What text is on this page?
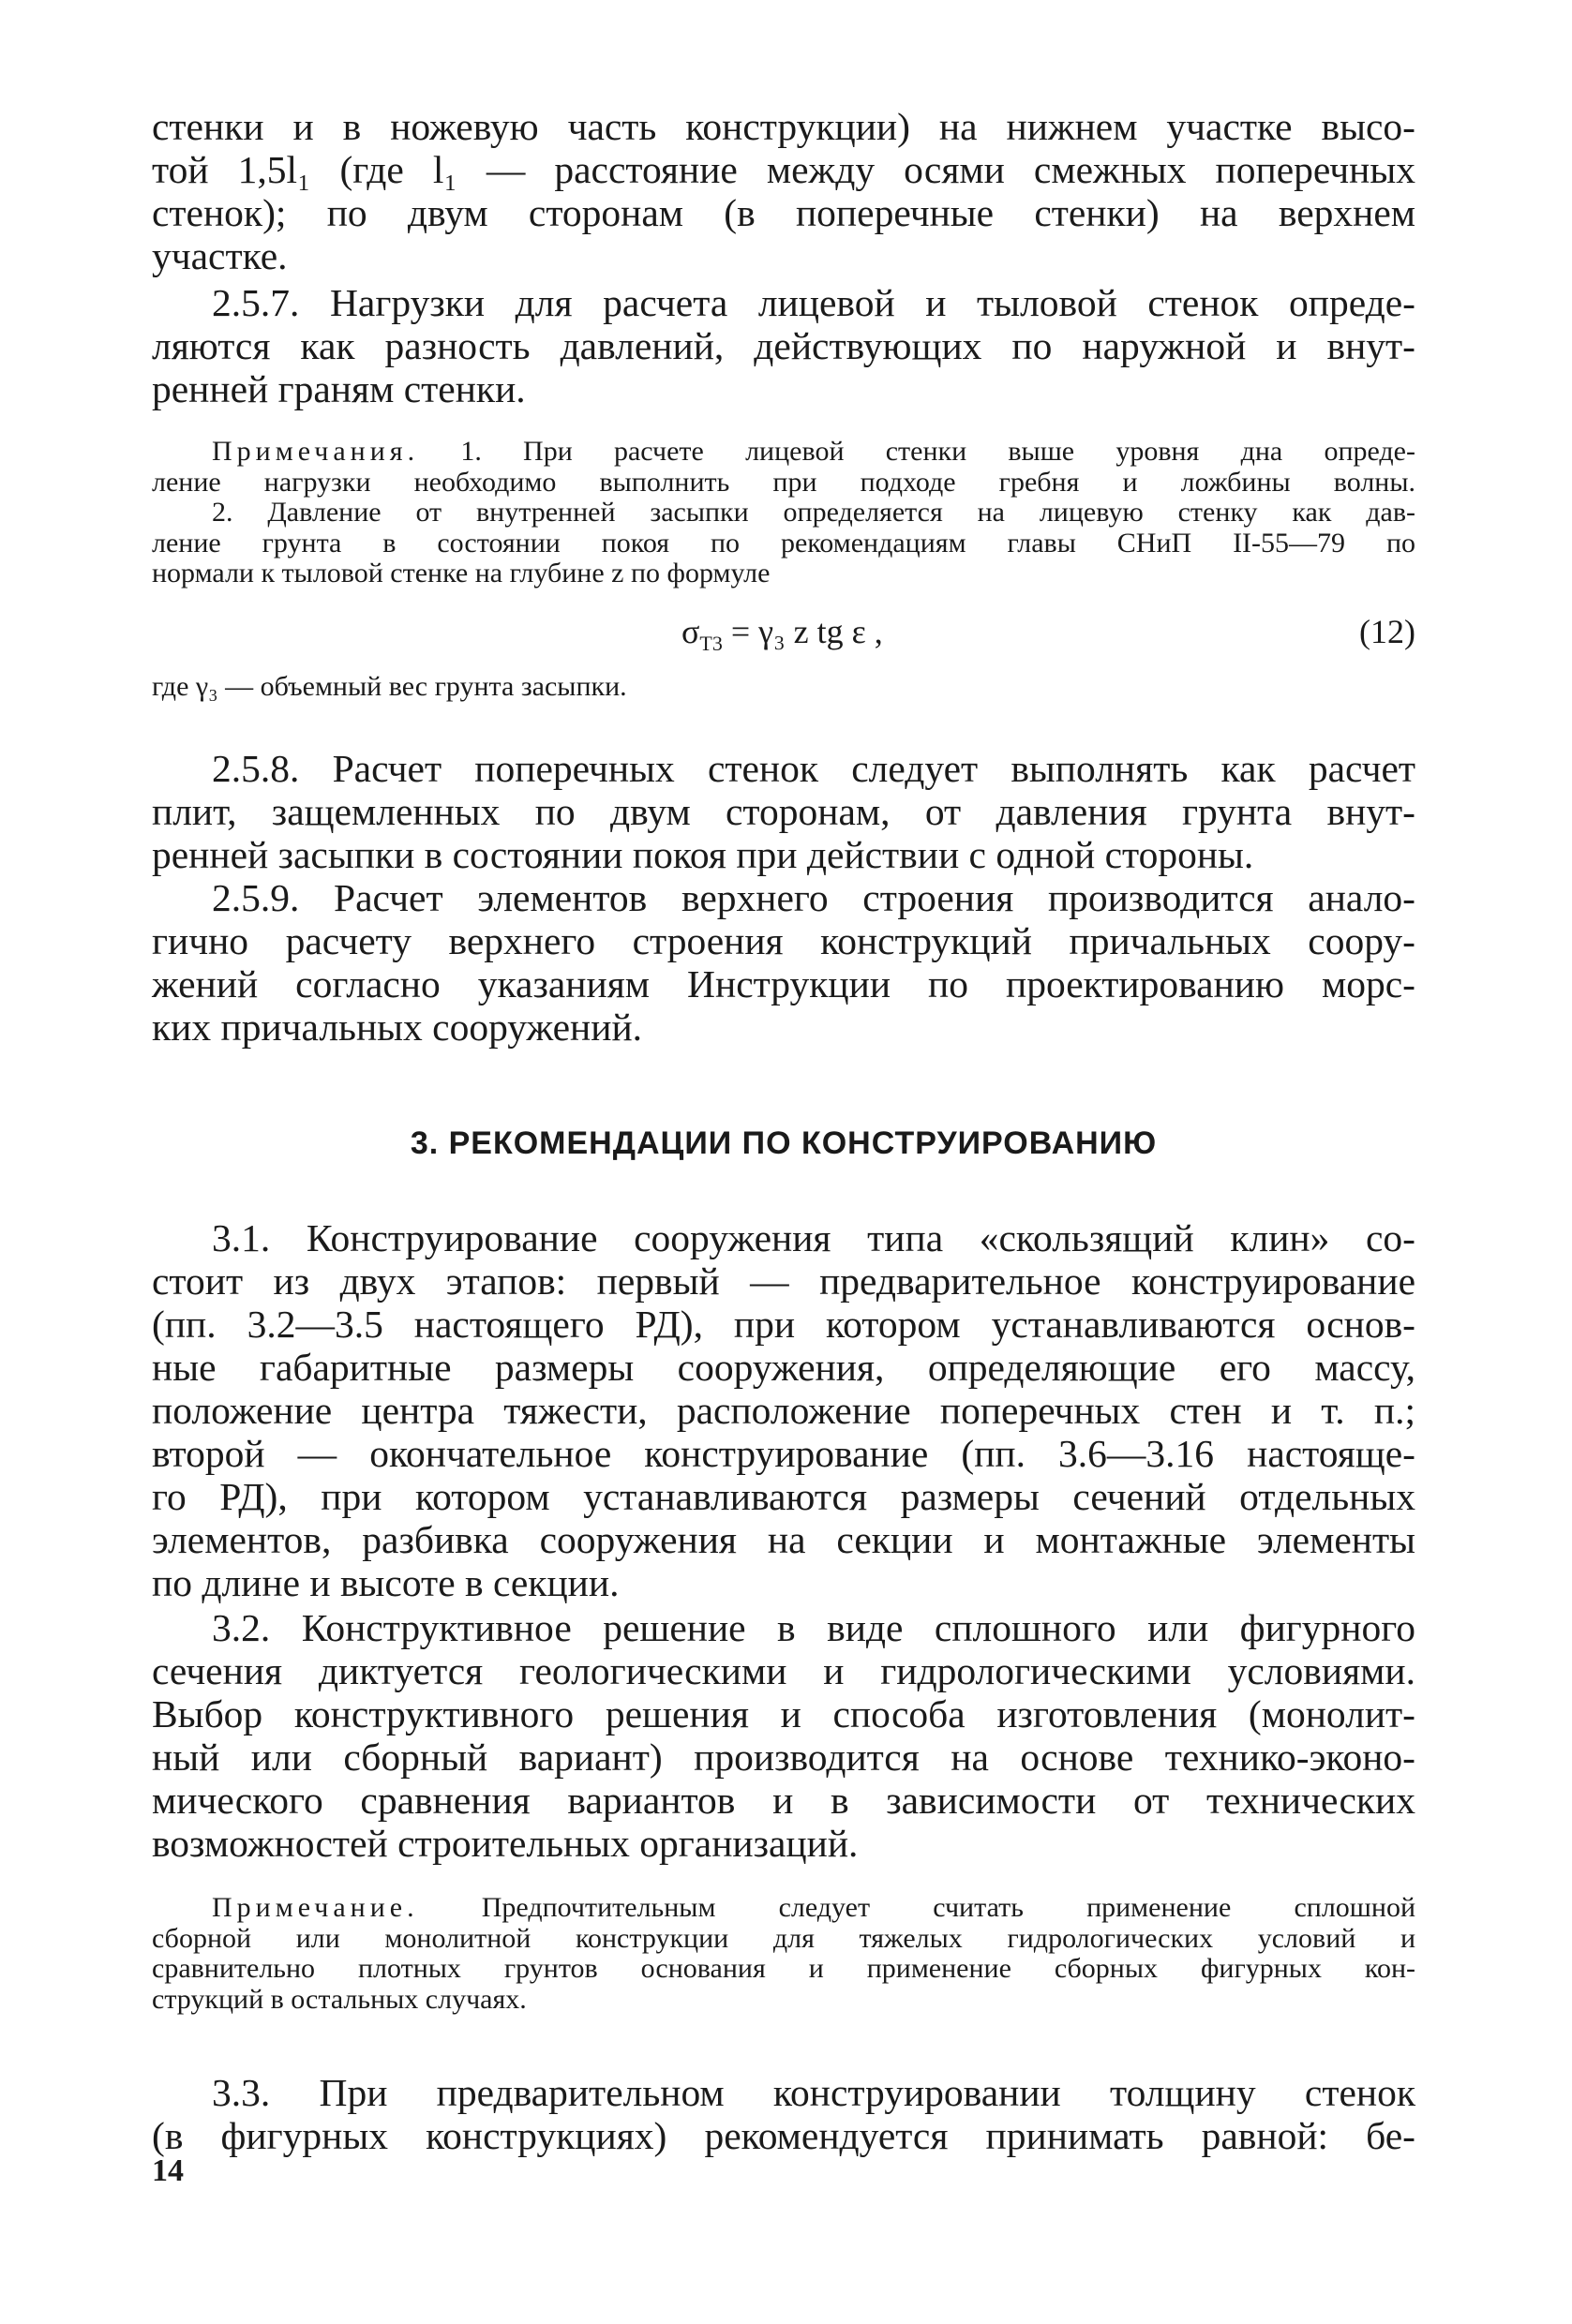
стенки и в ножевую часть конструкции) на нижнем участке высо-
той 1,5l₁ (где l₁ — расстояние между осями смежных поперечных
стенок); по двум сторонам (в поперечные стенки) на верхнем
участке.
2.5.7. Нагрузки для расчета лицевой и тыловой стенок опреде-
ляются как разность давлений, действующих по наружной и внут-
ренней граням стенки.
Примечания. 1. При расчете лицевой стенки выше уровня дна опреде-
ление нагрузки необходимо выполнить при подходе гребня и ложбины волны.
2. Давление от внутренней засыпки определяется на лицевую стенку как дав-
ление грунта в состоянии покоя по рекомендациям главы СНиП II-55—79 по
нормали к тыловой стенке на глубине z по формуле
$\sigma_{Т3} = \gamma_3$ z tg ε ,	(12)
где γ₃ — объемный вес грунта засыпки.
2.5.8. Расчет поперечных стенок следует выполнять как расчет
плит, защемленных по двум сторонам, от давления грунта внут-
ренней засыпки в состоянии покоя при действии с одной стороны.
2.5.9. Расчет элементов верхнего строения производится анало-
гично расчету верхнего строения конструкций причальных соору-
жений согласно указаниям Инструкции по проектированию морс-
ких причальных сооружений.
3. РЕКОМЕНДАЦИИ ПО КОНСТРУИРОВАНИЮ
3.1. Конструирование сооружения типа «скользящий клин» со-
стоит из двух этапов: первый — предварительное конструирование
(пп. 3.2—3.5 настоящего РД), при котором устанавливаются основ-
ные габаритные размеры сооружения, определяющие его массу,
положение центра тяжести, расположение поперечных стен и т. п.;
второй — окончательное конструирование (пп. 3.6—3.16 настояще-
го РД), при котором устанавливаются размеры сечений отдельных
элементов, разбивка сооружения на секции и монтажные элементы
по длине и высоте в секции.
3.2. Конструктивное решение в виде сплошного или фигурного
сечения диктуется геологическими и гидрологическими условиями.
Выбор конструктивного решения и способа изготовления (монолит-
ный или сборный вариант) производится на основе технико-эконо-
мического сравнения вариантов и в зависимости от технических
возможностей строительных организаций.
Примечание. Предпочтительным следует считать применение сплошной
сборной или монолитной конструкции для тяжелых гидрологических условий и
сравнительно плотных грунтов основания и применение сборных фигурных кон-
струкций в остальных случаях.
3.3. При предварительном конструировании толщину стенок
(в фигурных конструкциях) рекомендуется принимать равной: бе-
14
